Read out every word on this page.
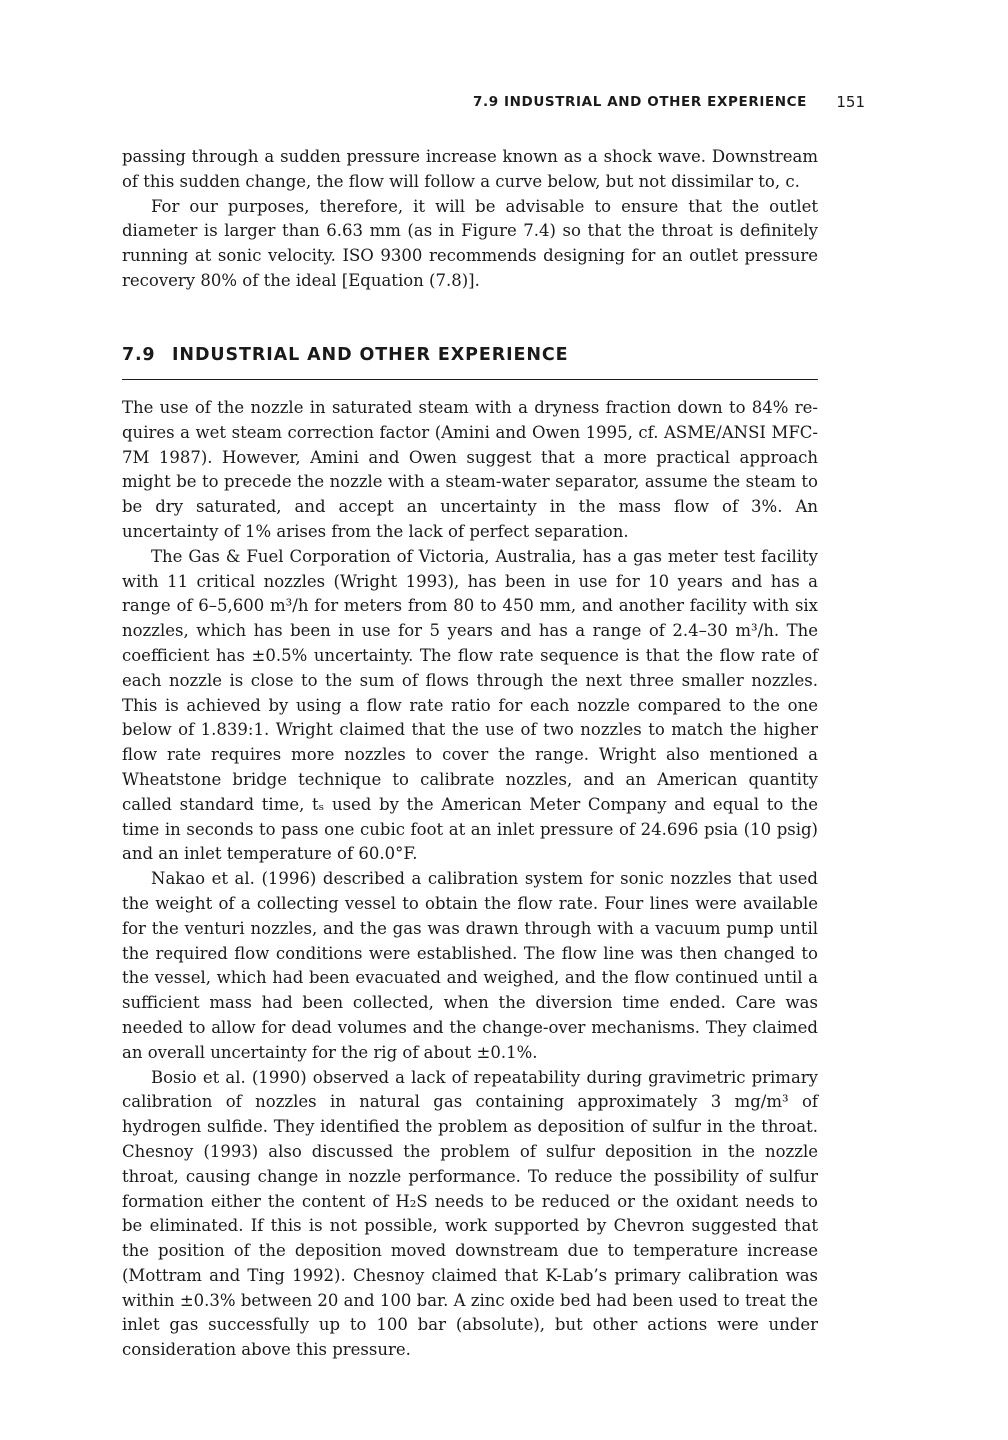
7.9 INDUSTRIAL AND OTHER EXPERIENCE 151

passing through a sudden pressure increase known as a shock wave. Downstream of this sudden change, the flow will follow a curve below, but not dissimilar to, c.

For our purposes, therefore, it will be advisable to ensure that the outlet diameter is larger than 6.63 mm (as in Figure 7.4) so that the throat is definitely running at sonic velocity. ISO 9300 recommends designing for an outlet pressure recovery 80% of the ideal [Equation (7.8)].

7.9 INDUSTRIAL AND OTHER EXPERIENCE

The use of the nozzle in saturated steam with a dryness fraction down to 84% requires a wet steam correction factor (Amini and Owen 1995, cf. ASME/ANSI MFC-7M 1987). However, Amini and Owen suggest that a more practical approach might be to precede the nozzle with a steam-water separator, assume the steam to be dry saturated, and accept an uncertainty in the mass flow of 3%. An uncertainty of 1% arises from the lack of perfect separation.

The Gas & Fuel Corporation of Victoria, Australia, has a gas meter test facility with 11 critical nozzles (Wright 1993), has been in use for 10 years and has a range of 6–5,600 m³/h for meters from 80 to 450 mm, and another facility with six nozzles, which has been in use for 5 years and has a range of 2.4–30 m³/h. The coefficient has ±0.5% uncertainty. The flow rate sequence is that the flow rate of each nozzle is close to the sum of flows through the next three smaller nozzles. This is achieved by using a flow rate ratio for each nozzle compared to the one below of 1.839:1. Wright claimed that the use of two nozzles to match the higher flow rate requires more nozzles to cover the range. Wright also mentioned a Wheatstone bridge technique to calibrate nozzles, and an American quantity called standard time, tₛ used by the American Meter Company and equal to the time in seconds to pass one cubic foot at an inlet pressure of 24.696 psia (10 psig) and an inlet temperature of 60.0°F.

Nakao et al. (1996) described a calibration system for sonic nozzles that used the weight of a collecting vessel to obtain the flow rate. Four lines were available for the venturi nozzles, and the gas was drawn through with a vacuum pump until the required flow conditions were established. The flow line was then changed to the vessel, which had been evacuated and weighed, and the flow continued until a sufficient mass had been collected, when the diversion time ended. Care was needed to allow for dead volumes and the change-over mechanisms. They claimed an overall uncertainty for the rig of about ±0.1%.

Bosio et al. (1990) observed a lack of repeatability during gravimetric primary calibration of nozzles in natural gas containing approximately 3 mg/m³ of hydrogen sulfide. They identified the problem as deposition of sulfur in the throat. Chesnoy (1993) also discussed the problem of sulfur deposition in the nozzle throat, causing change in nozzle performance. To reduce the possibility of sulfur formation either the content of H₂S needs to be reduced or the oxidant needs to be eliminated. If this is not possible, work supported by Chevron suggested that the position of the deposition moved downstream due to temperature increase (Mottram and Ting 1992). Chesnoy claimed that K-Lab’s primary calibration was within ±0.3% between 20 and 100 bar. A zinc oxide bed had been used to treat the inlet gas successfully up to 100 bar (absolute), but other actions were under consideration above this pressure.
